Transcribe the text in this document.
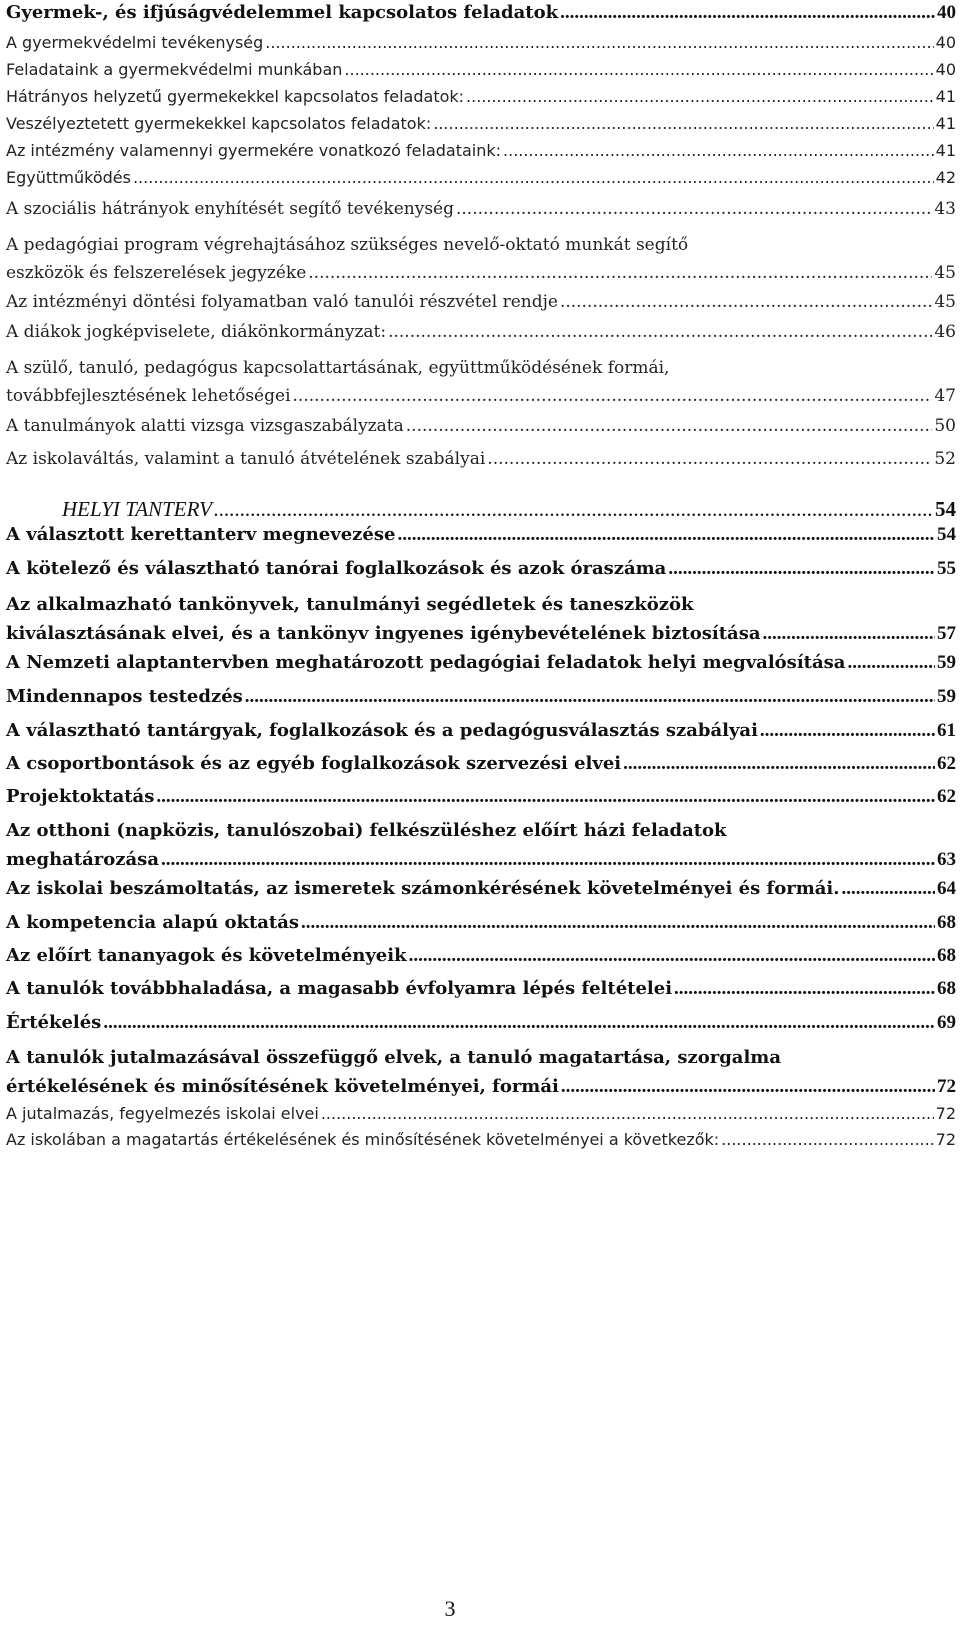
Gyermek-, és ifjúságvédelemmel kapcsolatos feladatok .....	40
A gyermekvédelmi tevékenység .....	40
Feladataink a gyermekvédelmi munkában .....	40
Hátrányos helyzetű gyermekekkel kapcsolatos feladatok: .....	41
Veszélyeztetett gyermekekkel kapcsolatos feladatok: .....	41
Az intézmény valamennyi gyermekére vonatkozó feladataink: .....	41
Együttműködés .....	42
A szociális hátrányok enyhítését segítő tevékenység .....	43
A pedagógiai program végrehajtásához szükséges nevelő-oktató munkát segítő
eszközök és felszerelések jegyzéke .....	45
Az intézményi döntési folyamatban való tanulói részvétel rendje .....	45
A diákok jogképviselete, diákönkormányzat: .....	46
A szülő, tanuló, pedagógus kapcsolattartásának, együttműködésének formái,
továbbfejlesztésének lehetőségei .....	47
A tanulmányok alatti vizsga vizsgaszabályzata .....	50
Az iskolaváltás, valamint a tanuló átvételének szabályai .....	52
HELYI TANTERV .....	54
A választott kerettanterv megnevezése .....	54
A kötelező és választható tanórai foglalkozások és azok óraszáma .....	55
Az alkalmazható tankönyvek, tanulmányi segédletek és taneszközök
kiválasztásának elvei, és a tankönyv ingyenes igénybevételének biztosítása .....	57
A Nemzeti alaptantervben meghatározott pedagógiai feladatok helyi megvalósítása .....	59
Mindennapos testedzés .....	59
A választható tantárgyak, foglalkozások és a pedagógusválasztás szabályai .....	61
A csoportbontások és az egyéb foglalkozások szervezési elvei .....	62
Projektoktatás .....	62
Az otthoni (napközis, tanulószobai) felkészüléshez előírt házi feladatok
meghatározása .....	63
Az iskolai beszámoltatás, az ismeretek számonkérésének követelményei és formái. .....	64
A kompetencia alapú oktatás .....	68
Az előírt tananyagok és követelményeik .....	68
A tanulók továbbhaladása, a magasabb évfolyamra lépés feltételei .....	68
Értékelés .....	69
A tanulók jutalmazásával összefüggő elvek, a tanuló magatartása, szorgalma
értékelésének és minősítésének követelményei, formái .....	72
A jutalmazás, fegyelmezés iskolai elvei .....	72
Az iskolában a magatartás értékelésének és minősítésének követelményei a következők: .....	72
3
